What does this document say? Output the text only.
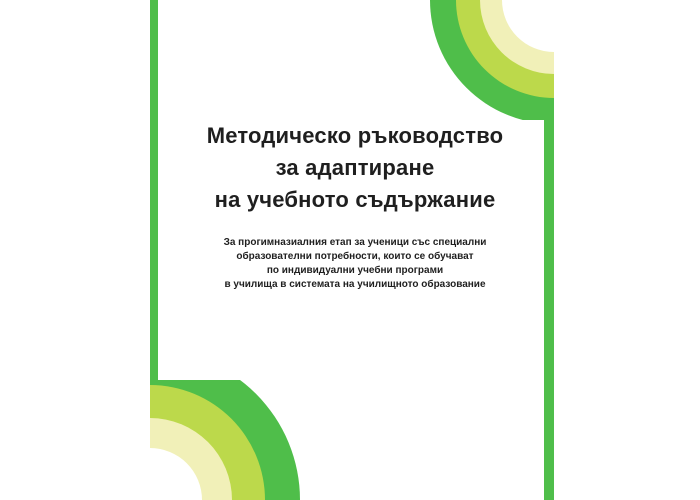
Методическо ръководство
за адаптиране
на учебното съдържание
За прогимназиалния етап за ученици със специални
образователни потребности, които се обучават
по индивидуални учебни програми
в училища в системата на училищното образование
